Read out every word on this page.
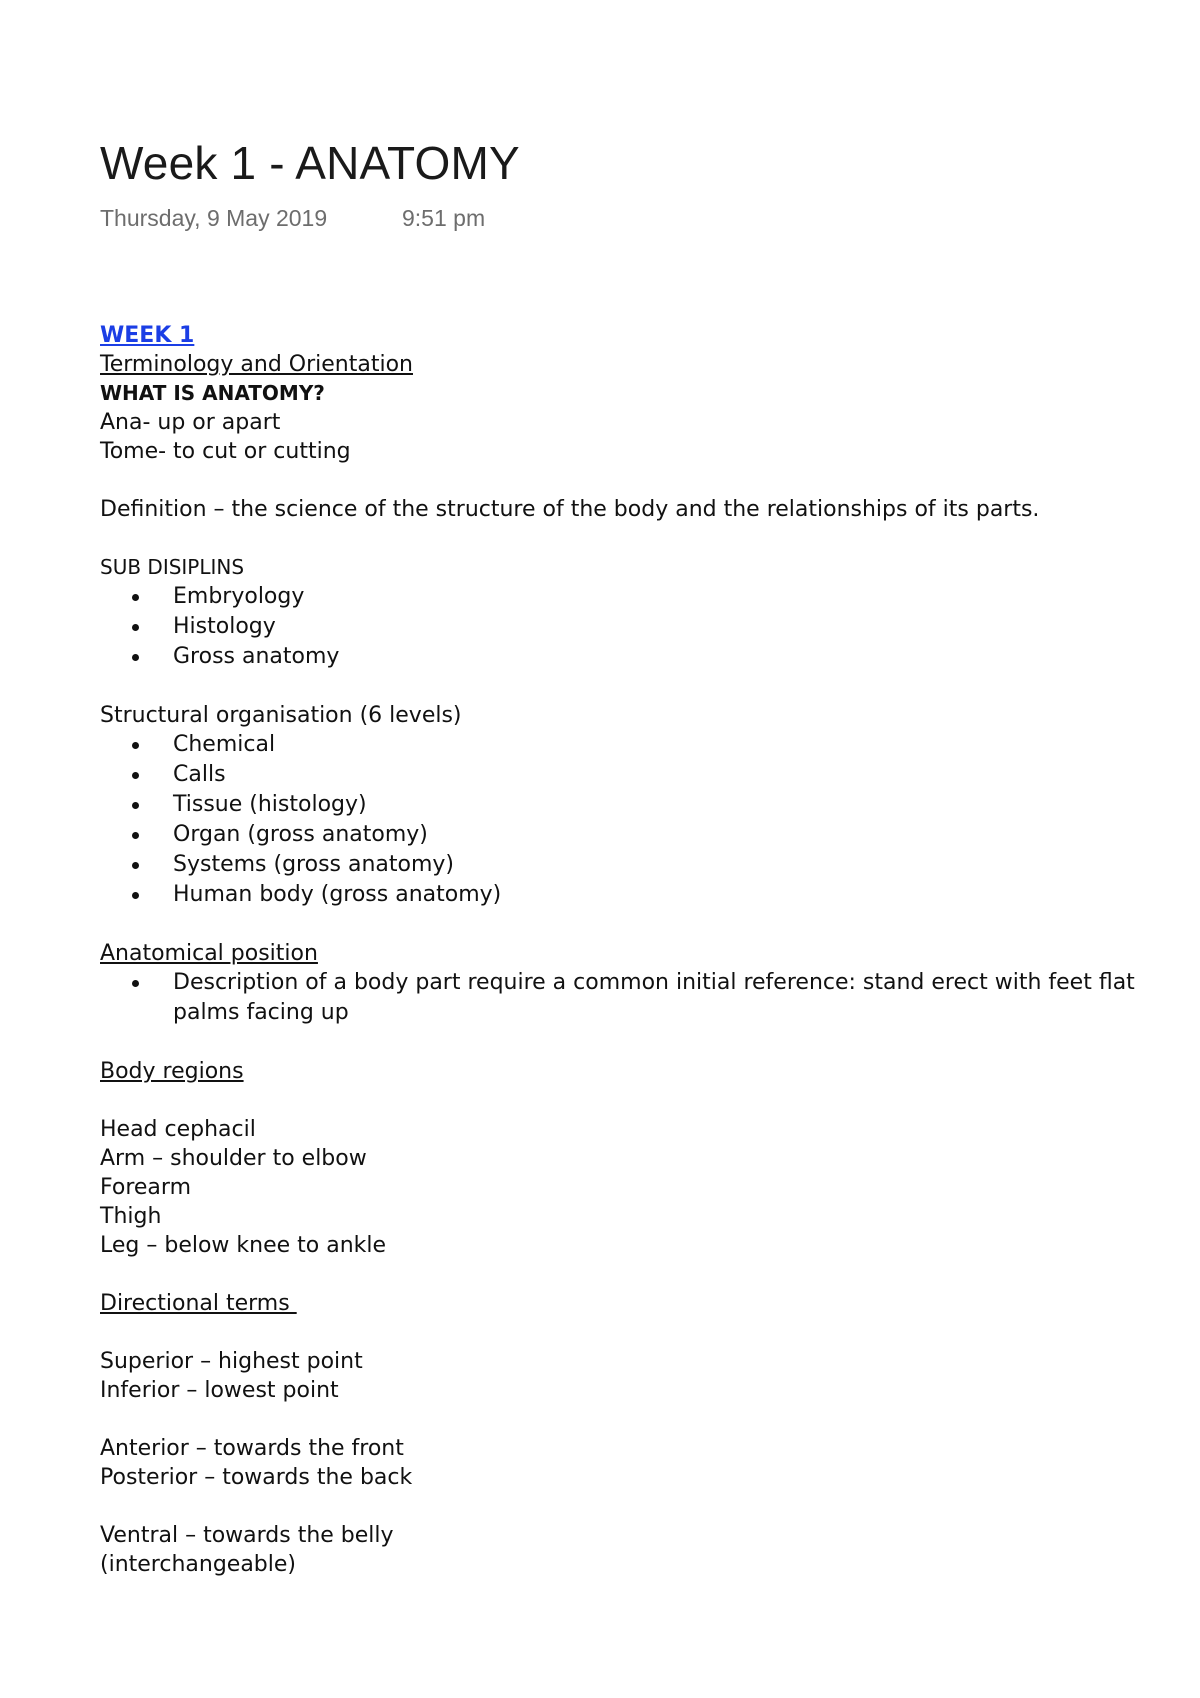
Week 1 - ANATOMY
Thursday, 9 May 2019	9:51 pm
WEEK 1
Terminology and Orientation
WHAT IS ANATOMY?
Ana- up or apart
Tome- to cut or cutting
Definition – the science of the structure of the body and the relationships of its parts.
SUB DISIPLINS
Embryology
Histology
Gross anatomy
Structural organisation (6 levels)
Chemical
Calls
Tissue (histology)
Organ (gross anatomy)
Systems (gross anatomy)
Human body (gross anatomy)
Anatomical position
Description of a body part require a common initial reference: stand erect with feet flat
palms facing up
Body regions
Head cephacil
Arm – shoulder to elbow
Forearm
Thigh
Leg – below knee to ankle
Directional terms
Superior – highest point
Inferior – lowest point
Anterior – towards the front
Posterior – towards the back
Ventral – towards the belly
(interchangeable)
